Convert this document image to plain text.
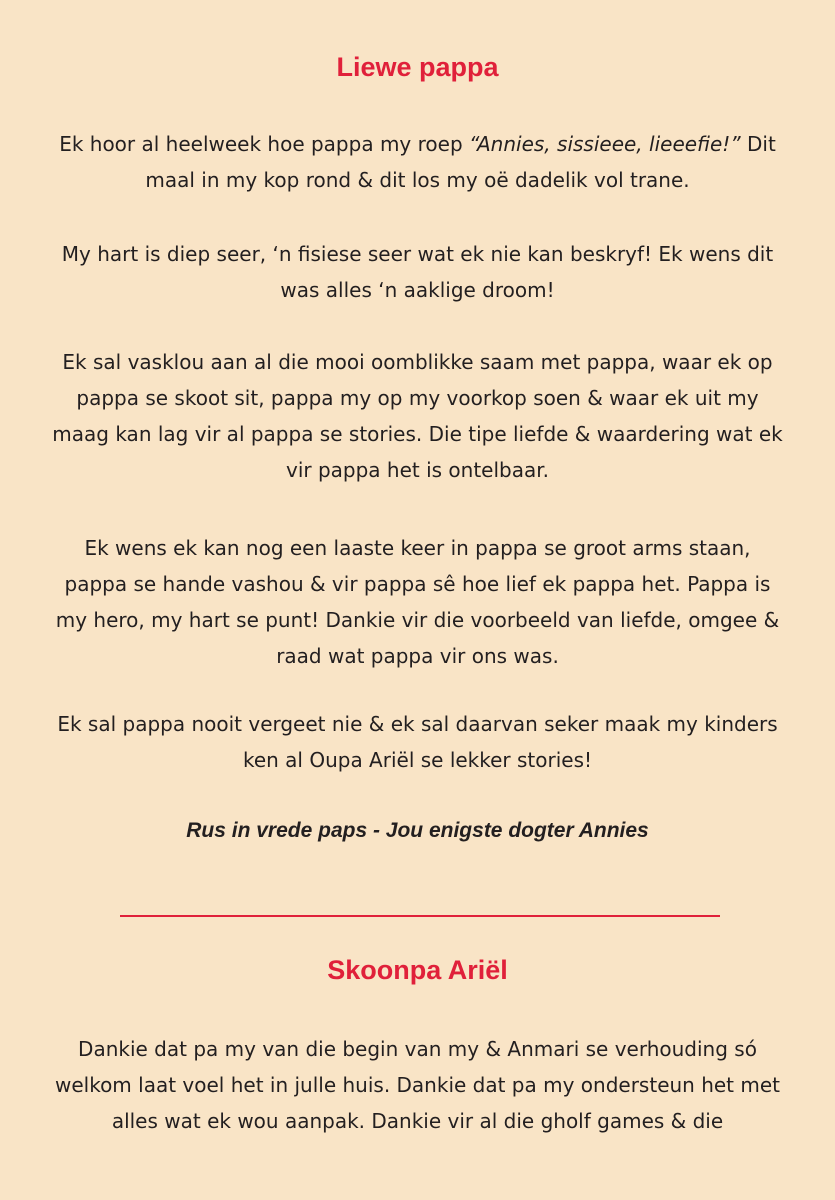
Liewe pappa

Ek hoor al heelweek hoe pappa my roep “Annies, sissieee, lieeefie!” Dit maal in my kop rond & dit los my oë dadelik vol trane.

My hart is diep seer, ‘n fisiese seer wat ek nie kan beskryf! Ek wens dit was alles ‘n aaklige droom!

Ek sal vasklou aan al die mooi oomblikke saam met pappa, waar ek op pappa se skoot sit, pappa my op my voorkop soen & waar ek uit my maag kan lag vir al pappa se stories. Die tipe liefde & waardering wat ek vir pappa het is ontelbaar.

Ek wens ek kan nog een laaste keer in pappa se groot arms staan, pappa se hande vashou & vir pappa sê hoe lief ek pappa het. Pappa is my hero, my hart se punt! Dankie vir die voorbeeld van liefde, omgee & raad wat pappa vir ons was.

Ek sal pappa nooit vergeet nie & ek sal daarvan seker maak my kinders ken al Oupa Ariël se lekker stories!

Rus in vrede paps - Jou enigste dogter Annies

Skoonpa Ariël

Dankie dat pa my van die begin van my & Anmari se verhouding só welkom laat voel het in julle huis. Dankie dat pa my ondersteun het met alles wat ek wou aanpak. Dankie vir al die gholf games & die
